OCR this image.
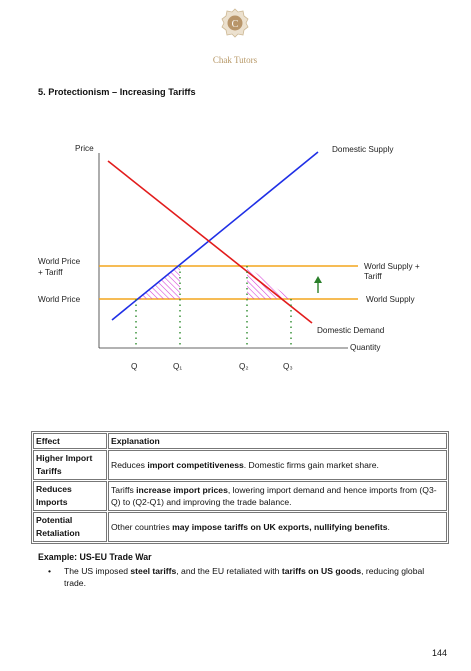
C
Chak Tutors
5. Protectionism – Increasing Tariffs
Price
Quantity
World Price
+ Tariff
World Price
Domestic Supply
World Supply +
Tariff
World Supply
Domestic Demand
Q	Q₁	Q₂	Q₃
Effect	Explanation
Higher Import Tariffs	Reduces import competitiveness. Domestic firms gain market share.
Reduces Imports	Tariffs increase import prices, lowering import demand and hence imports from (Q3-Q) to (Q2-Q1) and improving the trade balance.
Potential Retaliation	Other countries may impose tariffs on UK exports, nullifying benefits.
Example: US-EU Trade War
• The US imposed steel tariffs, and the EU retaliated with tariffs on US goods, reducing global trade.
144
